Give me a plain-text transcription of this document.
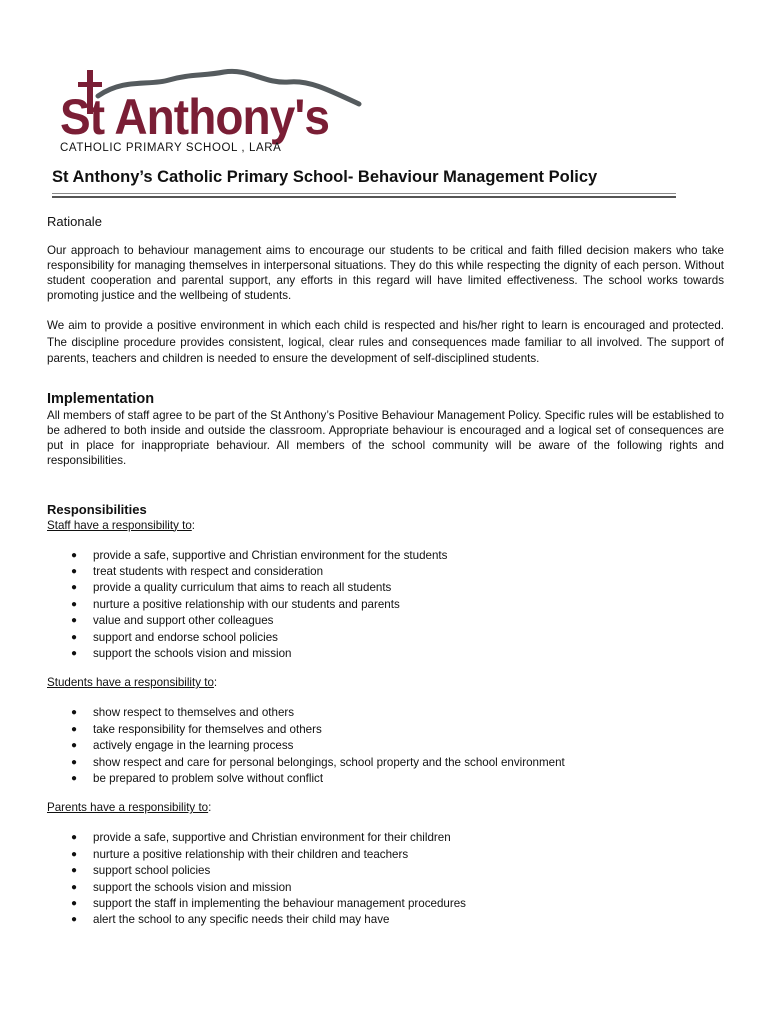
St Anthony's
CATHOLIC PRIMARY SCHOOL , LARA
St Anthony’s Catholic Primary School- Behaviour Management Policy
Rationale

Our approach to behaviour management aims to encourage our students to be critical and faith filled decision makers who take responsibility for managing themselves in interpersonal situations. They do this while respecting the dignity of each person. Without student cooperation and parental support, any efforts in this regard will have limited effectiveness. The school works towards promoting justice and the wellbeing of students.

We aim to provide a positive environment in which each child is respected and his/her right to learn is encouraged and protected. The discipline procedure provides consistent, logical, clear rules and consequences made familiar to all involved. The support of parents, teachers and children is needed to ensure the development of self-disciplined students.

Implementation

All members of staff agree to be part of the St Anthony’s Positive Behaviour Management Policy. Specific rules will be established to be adhered to both inside and outside the classroom. Appropriate behaviour is encouraged and a logical set of consequences are put in place for inappropriate behaviour. All members of the school community will be aware of the following rights and responsibilities.

Responsibilities
Staff have a responsibility to:
● provide a safe, supportive and Christian environment for the students
● treat students with respect and consideration
● provide a quality curriculum that aims to reach all students
● nurture a positive relationship with our students and parents
● value and support other colleagues
● support and endorse school policies
● support the schools vision and mission
Students have a responsibility to:
● show respect to themselves and others
● take responsibility for themselves and others
● actively engage in the learning process
● show respect and care for personal belongings, school property and the school environment
● be prepared to problem solve without conflict
Parents have a responsibility to:
● provide a safe, supportive and Christian environment for their children
● nurture a positive relationship with their children and teachers
● support school policies
● support the schools vision and mission
● support the staff in implementing the behaviour management procedures
● alert the school to any specific needs their child may have
